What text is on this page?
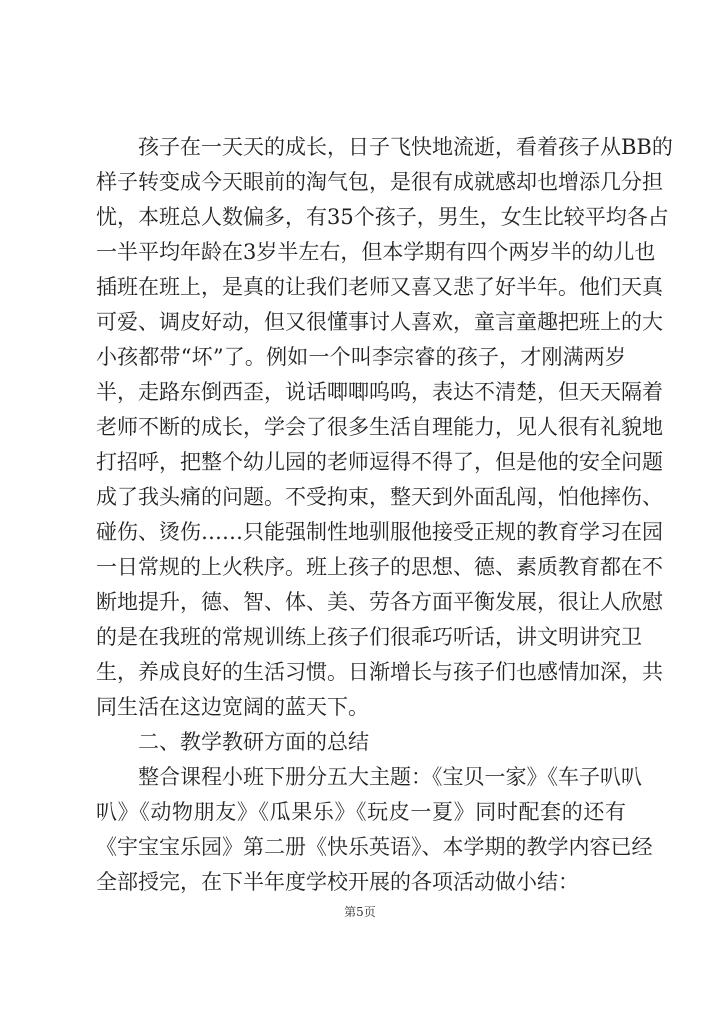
孩子在一天天的成长，日子飞快地流逝，看着孩子从BB的
样子转变成今天眼前的淘气包，是很有成就感却也增添几分担
忧，本班总人数偏多，有35个孩子，男生，女生比较平均各占
一半平均年龄在3岁半左右，但本学期有四个两岁半的幼儿也
插班在班上，是真的让我们老师又喜又悲了好半年。他们天真
可爱、调皮好动，但又很懂事讨人喜欢，童言童趣把班上的大
小孩都带“坏”了。例如一个叫李宗睿的孩子，才刚满两岁
半，走路东倒西歪，说话唧唧呜呜，表达不清楚，但天天隔着
老师不断的成长，学会了很多生活自理能力，见人很有礼貌地
打招呼，把整个幼儿园的老师逗得不得了，但是他的安全问题
成了我头痛的问题。不受拘束，整天到外面乱闯，怕他摔伤、
碰伤、烫伤……只能强制性地驯服他接受正规的教育学习在园
一日常规的上火秩序。班上孩子的思想、德、素质教育都在不
断地提升，德、智、体、美、劳各方面平衡发展，很让人欣慰
的是在我班的常规训练上孩子们很乖巧听话，讲文明讲究卫
生，养成良好的生活习惯。日渐增长与孩子们也感情加深，共
同生活在这边宽阔的蓝天下。
二、教学教研方面的总结
整合课程小班下册分五大主题：《宝贝一家》《车子叭叭
叭》《动物朋友》《瓜果乐》《玩皮一夏》同时配套的还有
《宇宝宝乐园》第二册《快乐英语》、本学期的教学内容已经
全部授完，在下半年度学校开展的各项活动做小结：
第5页
